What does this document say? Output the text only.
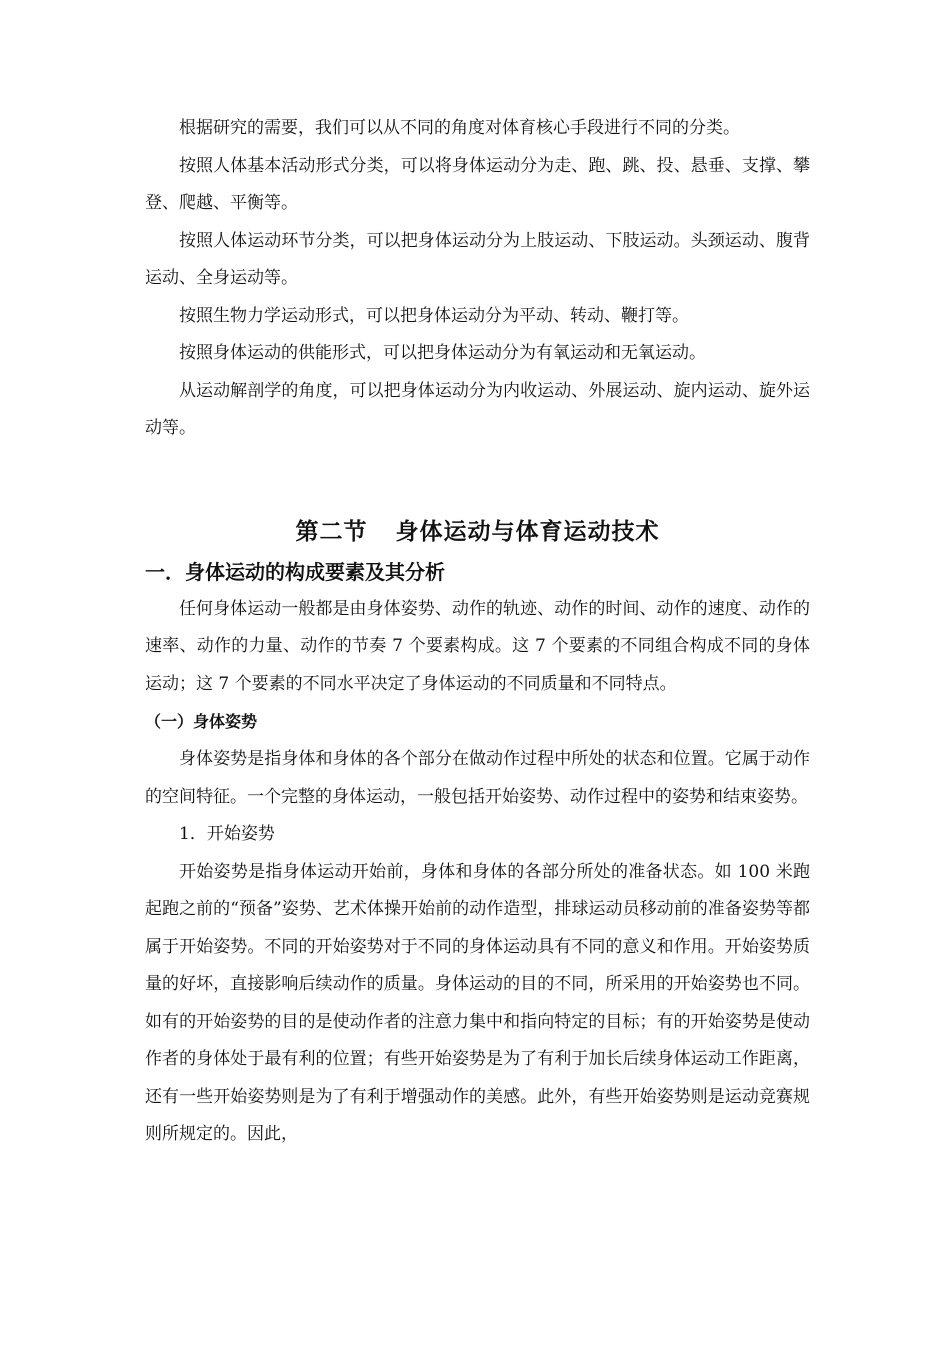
根据研究的需要，我们可以从不同的角度对体育核心手段进行不同的分类。

按照人体基本活动形式分类，可以将身体运动分为走、跑、跳、投、悬垂、支撑、攀登、爬越、平衡等。

按照人体运动环节分类，可以把身体运动分为上肢运动、下肢运动。头颈运动、腹背运动、全身运动等。

按照生物力学运动形式，可以把身体运动分为平动、转动、鞭打等。

按照身体运动的供能形式，可以把身体运动分为有氧运动和无氧运动。

从运动解剖学的角度，可以把身体运动分为内收运动、外展运动、旋内运动、旋外运动等。

第二节 身体运动与体育运动技术
一．身体运动的构成要素及其分析

任何身体运动一般都是由身体姿势、动作的轨迹、动作的时间、动作的速度、动作的速率、动作的力量、动作的节奏 7 个要素构成。这 7 个要素的不同组合构成不同的身体运动；这 7 个要素的不同水平决定了身体运动的不同质量和不同特点。

（一）身体姿势

身体姿势是指身体和身体的各个部分在做动作过程中所处的状态和位置。它属于动作的空间特征。一个完整的身体运动，一般包括开始姿势、动作过程中的姿势和结束姿势。

1．开始姿势

开始姿势是指身体运动开始前，身体和身体的各部分所处的准备状态。如 100 米跑起跑之前的“预备”姿势、艺术体操开始前的动作造型，排球运动员移动前的准备姿势等都属于开始姿势。不同的开始姿势对于不同的身体运动具有不同的意义和作用。开始姿势质量的好坏，直接影响后续动作的质量。身体运动的目的不同，所采用的开始姿势也不同。如有的开始姿势的目的是使动作者的注意力集中和指向特定的目标；有的开始姿势是使动作者的身体处于最有利的位置；有些开始姿势是为了有利于加长后续身体运动工作距离，还有一些开始姿势则是为了有利于增强动作的美感。此外，有些开始姿势则是运动竞赛规则所规定的。因此，
